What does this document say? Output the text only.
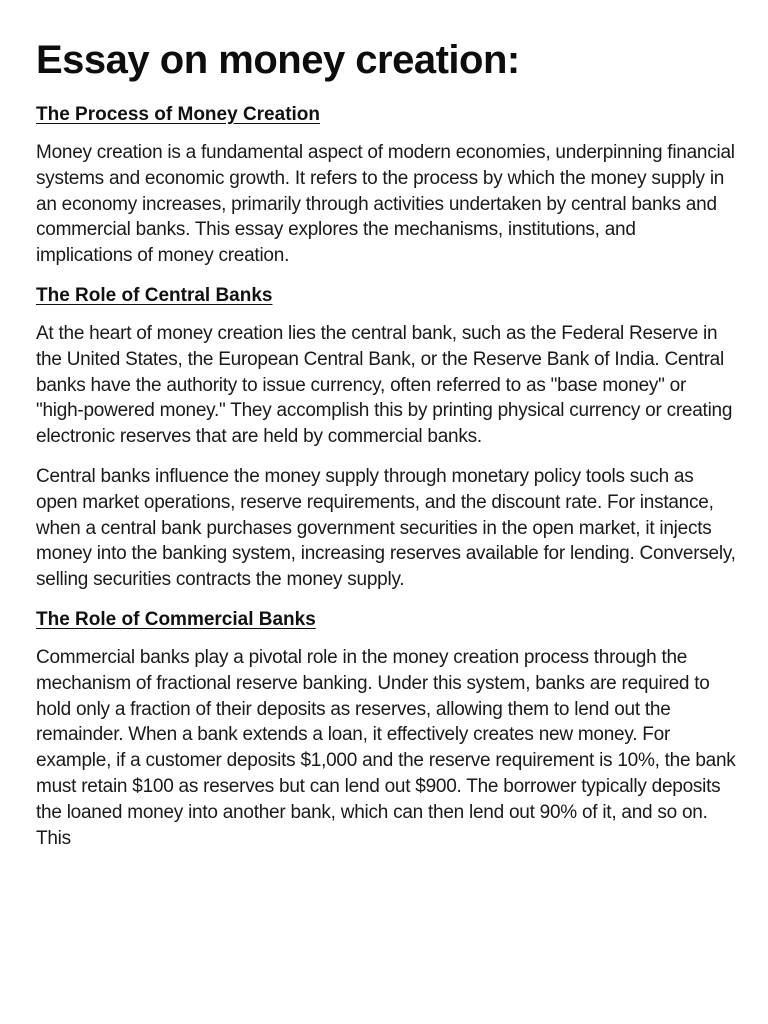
Essay on money creation:
The Process of Money Creation

Money creation is a fundamental aspect of modern economies, underpinning financial systems and economic growth. It refers to the process by which the money supply in an economy increases, primarily through activities undertaken by central banks and commercial banks. This essay explores the mechanisms, institutions, and implications of money creation.

The Role of Central Banks

At the heart of money creation lies the central bank, such as the Federal Reserve in the United States, the European Central Bank, or the Reserve Bank of India. Central banks have the authority to issue currency, often referred to as "base money" or "high-powered money." They accomplish this by printing physical currency or creating electronic reserves that are held by commercial banks.

Central banks influence the money supply through monetary policy tools such as open market operations, reserve requirements, and the discount rate. For instance, when a central bank purchases government securities in the open market, it injects money into the banking system, increasing reserves available for lending. Conversely, selling securities contracts the money supply.

The Role of Commercial Banks

Commercial banks play a pivotal role in the money creation process through the mechanism of fractional reserve banking. Under this system, banks are required to hold only a fraction of their deposits as reserves, allowing them to lend out the remainder. When a bank extends a loan, it effectively creates new money. For example, if a customer deposits $1,000 and the reserve requirement is 10%, the bank must retain $100 as reserves but can lend out $900. The borrower typically deposits the loaned money into another bank, which can then lend out 90% of it, and so on. This
